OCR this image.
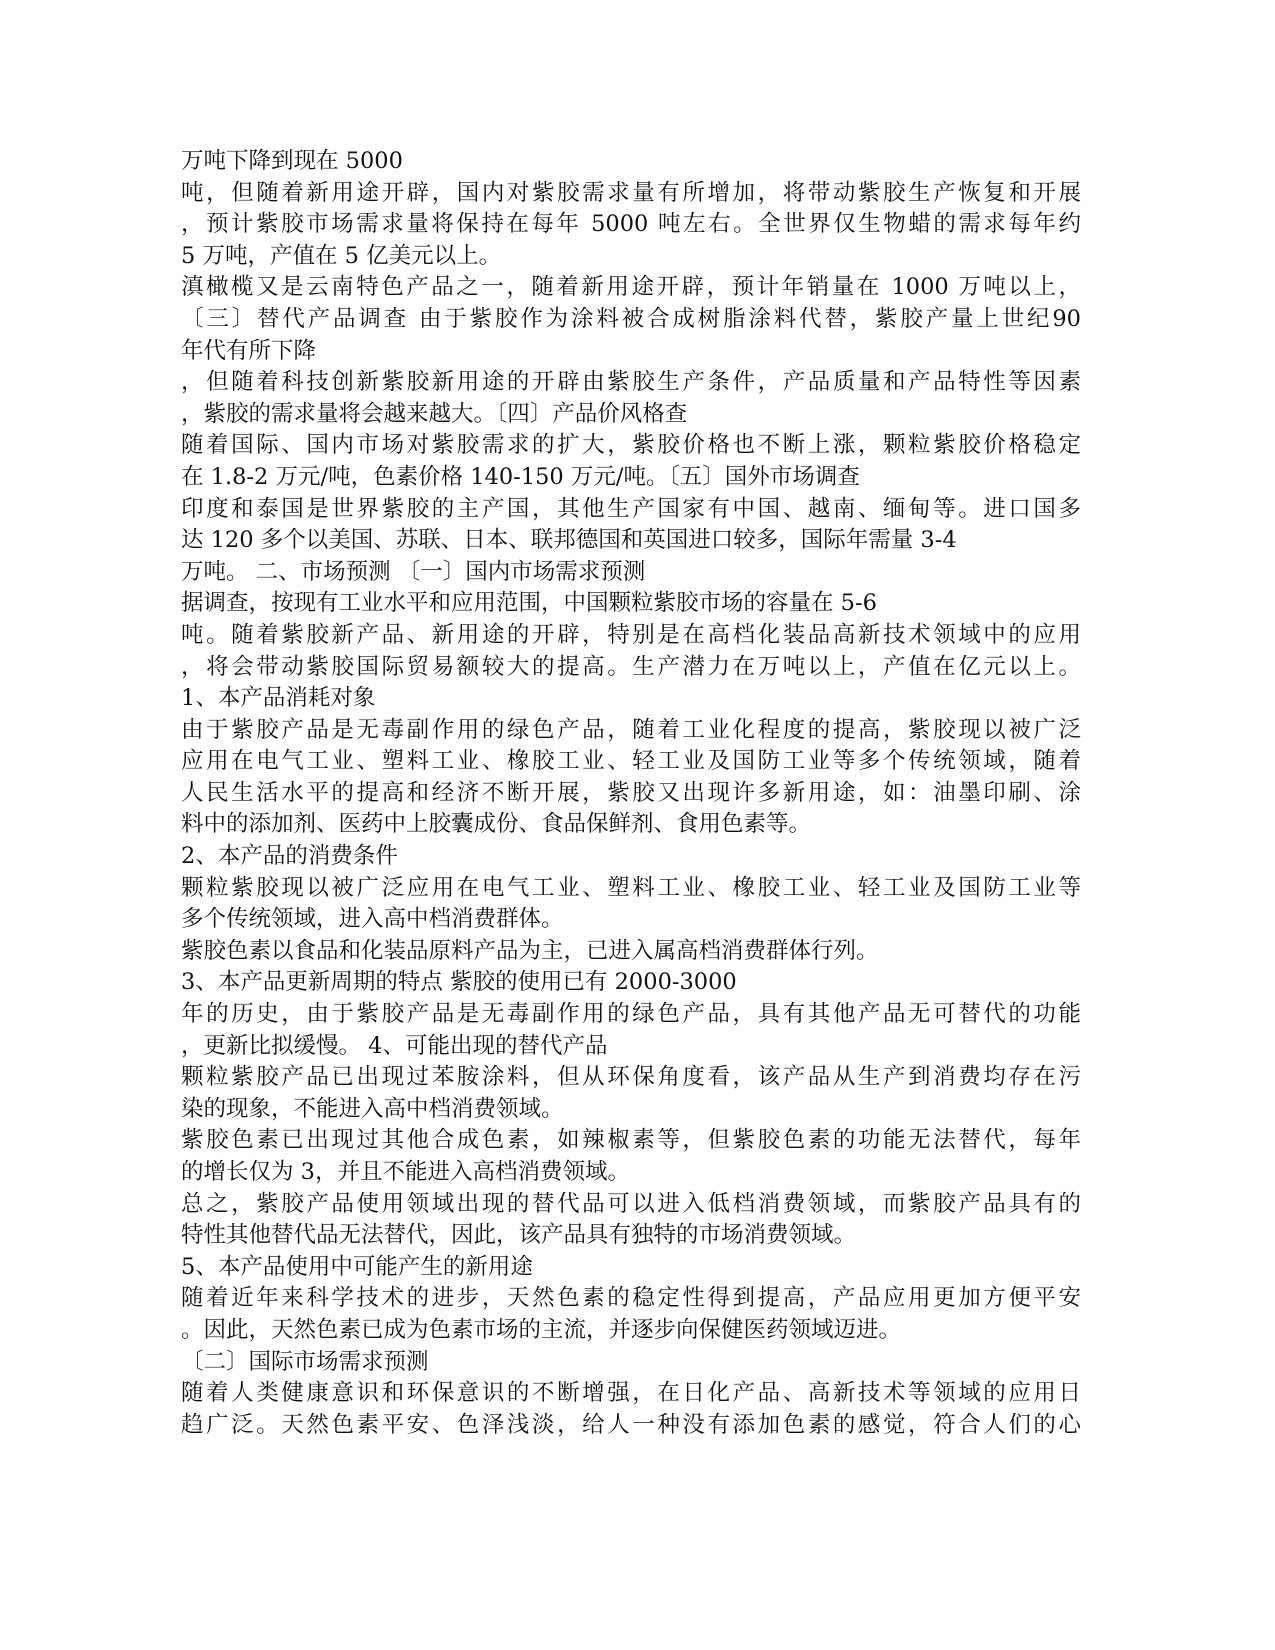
万吨下降到现在 5000
吨，但随着新用途开辟，国内对紫胶需求量有所增加，将带动紫胶生产恢复和开展
，预计紫胶市场需求量将保持在每年 5000 吨左右。全世界仅生物蜡的需求每年约
5 万吨，产值在 5 亿美元以上。
滇橄榄又是云南特色产品之一，随着新用途开辟，预计年销量在 1000 万吨以上，
〔三〕替代产品调查 由于紫胶作为涂料被合成树脂涂料代替，紫胶产量上世纪90
年代有所下降
，但随着科技创新紫胶新用途的开辟由紫胶生产条件，产品质量和产品特性等因素
，紫胶的需求量将会越来越大。〔四〕产品价风格查
随着国际、国内市场对紫胶需求的扩大，紫胶价格也不断上涨，颗粒紫胶价格稳定
在 1.8-2 万元/吨，色素价格 140-150 万元/吨。〔五〕国外市场调查
印度和泰国是世界紫胶的主产国，其他生产国家有中国、越南、缅甸等。进口国多
达 120 多个以美国、苏联、日本、联邦德国和英国进口较多，国际年需量 3-4
万吨。 二、市场预测 〔一〕国内市场需求预测
据调查，按现有工业水平和应用范围，中国颗粒紫胶市场的容量在 5-6
吨。随着紫胶新产品、新用途的开辟，特别是在高档化装品高新技术领域中的应用
，将会带动紫胶国际贸易额较大的提高。生产潜力在万吨以上，产值在亿元以上。
1、本产品消耗对象
由于紫胶产品是无毒副作用的绿色产品，随着工业化程度的提高，紫胶现以被广泛
应用在电气工业、塑料工业、橡胶工业、轻工业及国防工业等多个传统领域，随着
人民生活水平的提高和经济不断开展，紫胶又出现许多新用途，如：油墨印刷、涂
料中的添加剂、医药中上胶囊成份、食品保鲜剂、食用色素等。
2、本产品的消费条件
颗粒紫胶现以被广泛应用在电气工业、塑料工业、橡胶工业、轻工业及国防工业等
多个传统领域，进入高中档消费群体。
紫胶色素以食品和化装品原料产品为主，已进入属高档消费群体行列。
3、本产品更新周期的特点 紫胶的使用已有 2000-3000
年的历史，由于紫胶产品是无毒副作用的绿色产品，具有其他产品无可替代的功能
，更新比拟缓慢。 4、可能出现的替代产品
颗粒紫胶产品已出现过苯胺涂料，但从环保角度看，该产品从生产到消费均存在污
染的现象，不能进入高中档消费领域。
紫胶色素已出现过其他合成色素，如辣椒素等，但紫胶色素的功能无法替代，每年
的增长仅为 3，并且不能进入高档消费领域。
总之，紫胶产品使用领域出现的替代品可以进入低档消费领域，而紫胶产品具有的
特性其他替代品无法替代，因此，该产品具有独特的市场消费领域。
5、本产品使用中可能产生的新用途
随着近年来科学技术的进步，天然色素的稳定性得到提高，产品应用更加方便平安
。因此，天然色素已成为色素市场的主流，并逐步向保健医药领域迈进。
〔二〕国际市场需求预测
随着人类健康意识和环保意识的不断增强，在日化产品、高新技术等领域的应用日
趋广泛。天然色素平安、色泽浅淡，给人一种没有添加色素的感觉，符合人们的心
